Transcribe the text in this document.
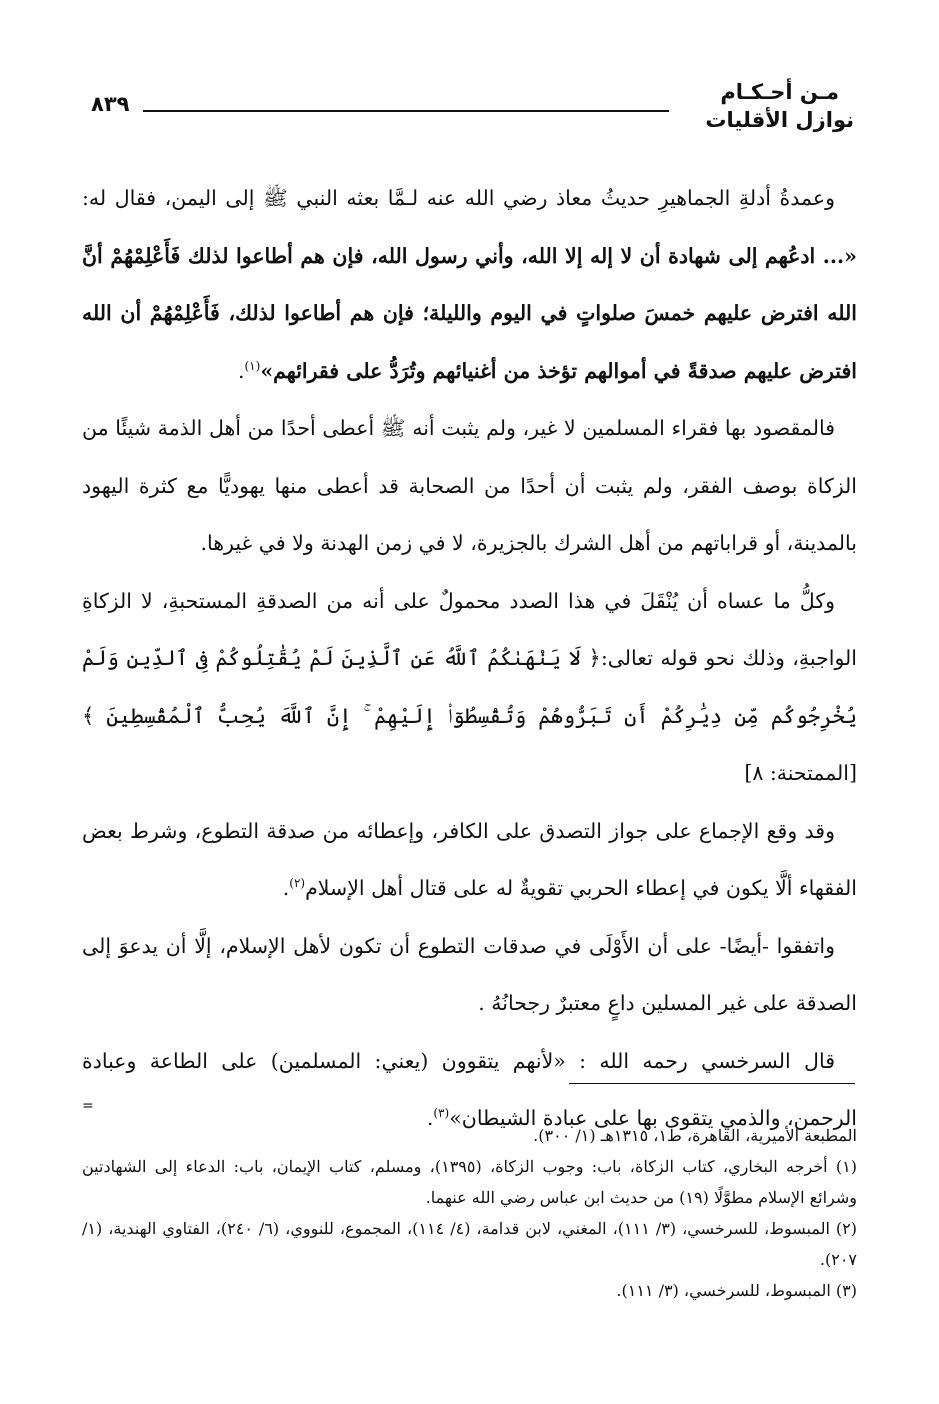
مـن أحـكـام
نوازل الأقليات
٨٣٩

وعمدةُ أدلةِ الجماهيرِ حديثُ معاذ رضي الله عنه لـمَّا بعثه النبي ﷺ إلى اليمن، فقال له: «... ادعُهم إلى شهادة أن لا إله إلا الله، وأني رسول الله، فإن هم أطاعوا لذلك فَأَعْلِمْهُمْ أنَّ الله افترض عليهم خمسَ صلواتٍ في اليوم والليلة؛ فإن هم أطاعوا لذلك، فَأَعْلِمْهُمْ أن الله افترض عليهم صدقةً في أموالهم تؤخذ من أغنيائهم وتُرَدُّ على فقرائهم»$^{(١)}$.

فالمقصود بها فقراء المسلمين لا غير، ولم يثبت أنه ﷺ أعطى أحدًا من أهل الذمة شيئًا من الزكاة بوصف الفقر، ولم يثبت أن أحدًا من الصحابة قد أعطى منها يهوديًّا مع كثرة اليهود بالمدينة، أو قراباتهم من أهل الشرك بالجزيرة، لا في زمن الهدنة ولا في غيرها.

وكلُّ ما عساه أن يُنْقَلَ في هذا الصدد محمولٌ على أنه من الصدقةِ المستحبةِ، لا الزكاةِ الواجبةِ، وذلك نحو قوله تعالى:﴿ لَا يَنْهَىٰكُمُ ٱللَّهُ عَنِ ٱلَّذِينَ لَمْ يُقَٰتِلُوكُمْ فِى ٱلدِّينِ وَلَمْ يُخْرِجُوكُم مِّن دِيَٰرِكُمْ أَن تَبَرُّوهُمْ وَتُقْسِطُوٓا۟ إِلَيْهِمْ ۚ إِنَّ ٱللَّهَ يُحِبُّ ٱلْمُقْسِطِينَ ﴾[الممتحنة: ٨]

وقد وقع الإجماع على جواز التصدق على الكافر، وإعطائه من صدقة التطوع، وشرط بعض الفقهاء ألَّا يكون في إعطاء الحربي تقويةٌ له على قتال أهل الإسلام$^{(٢)}$.

واتفقوا -أيضًا- على أن الأَوْلَى في صدقات التطوع أن تكون لأهل الإسلام، إلَّا أن يدعوَ إلى الصدقة على غير المسلين داعٍ معتبرٌ رجحانُهُ .

قال السرخسي رحمه الله : «لأنهم يتقوون (يعني: المسلمين) على الطاعة وعبادة الرحمن، والذمي يتقوى بها على عبادة الشيطان»$^{(٣)}$.

=

المطبعة الأميرية، القاهرة، ط١، ١٣١٥هـ (١/ ٣٠٠).

(١) أخرجه البخاري، كتاب الزكاة، باب: وجوب الزكاة، (١٣٩٥)، ومسلم، كتاب الإيمان، باب: الدعاء إلى الشهادتين وشرائع الإسلام مطوَّلًا (١٩) من حديث ابن عباس رضي الله عنهما.

(٢) المبسوط، للسرخسي، (٣/ ١١١)، المغني، لابن قدامة، (٤/ ١١٤)، المجموع، للنووي، (٦/ ٢٤٠)، الفتاوي الهندية، (١/ ٢٠٧).

(٣) المبسوط، للسرخسي، (٣/ ١١١).
